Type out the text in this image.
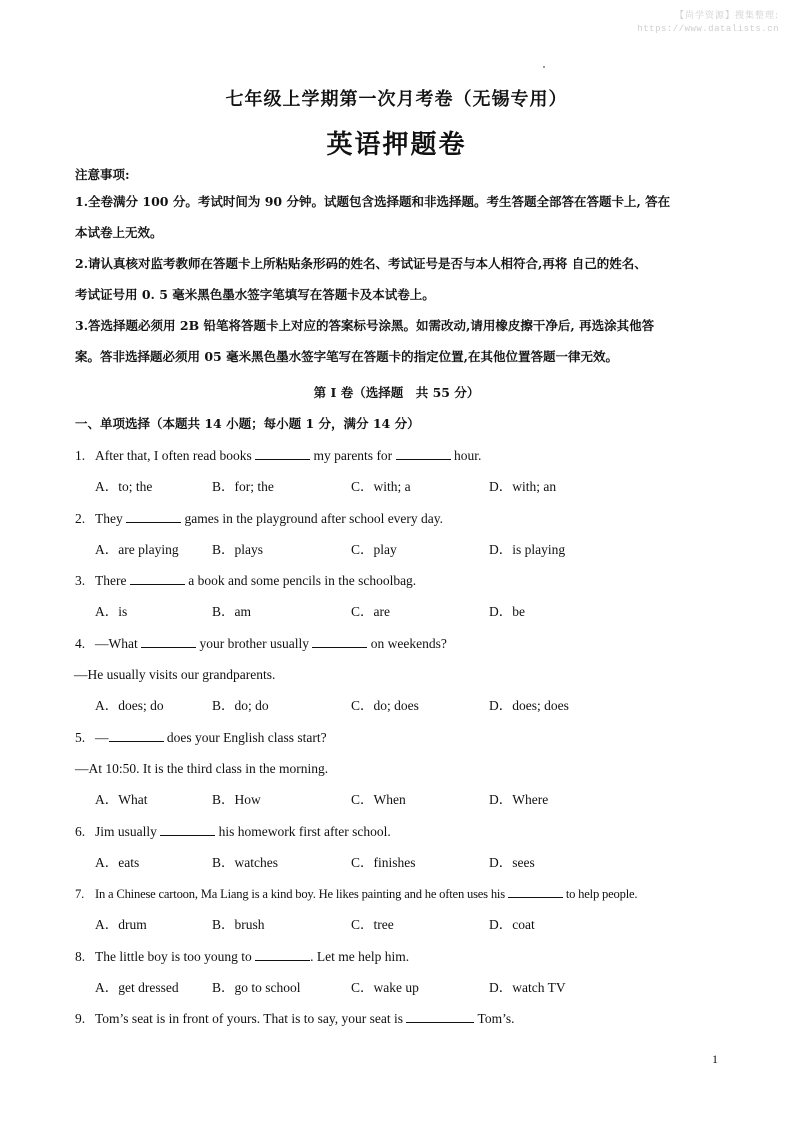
【尚学资源】搜集整理:
https://www.datalists.cn
七年级上学期第一次月考卷（无锡专用）
英语押题卷
注意事项:
1.全卷满分 100 分。考试时间为 90 分钟。试题包含选择题和非选择题。考生答题全部答在答题卡上, 答在
本试卷上无效。
2.请认真核对监考教师在答题卡上所粘贴条形码的姓名、考试证号是否与本人相符合,再将 自己的姓名、
考试证号用 0. 5 毫米黑色墨水签字笔填写在答题卡及本试卷上。
3.答选择题必须用 2B 铅笔将答题卡上对应的答案标号涂黑。如需改动,请用橡皮擦干净后, 再选涂其他答
案。答非选择题必须用 05 毫米黑色墨水签字笔写在答题卡的指定位置,在其他位置答题一律无效。
第 I 卷（选择题　共 55 分）
一、单项选择（本题共 14 小题；每小题 1 分，满分 14 分）
1. After that, I often read books	my parents for	hour.
A．to; the	B．for; the	C．with; a	D．with; an
2. They	games in the playground after school every day.
A．are playing B．plays	C．play	D．is playing
3. There	a book and some pencils in the schoolbag.
A．is	B．am	C．are	D．be
4. —What	your brother usually	on weekends?
—He usually visits our grandparents.
A．does; do	B．do; do	C．do; does	D．does; does
5. —	does your English class start?
—At 10:50. It is the third class in the morning.
A．What	B．How	C．When	D．Where
6. Jim usually	his homework first after school.
A．eats	B．watches	C．finishes	D．sees
7. In a Chinese cartoon, Ma Liang is a kind boy. He likes painting and he often uses his	to help people.
A．drum	B．brush	C．tree	D．coat
8. The little boy is too young to	. Let me help him.
A．get dressed B．go to school	C．wake up	D．watch TV
9. Tom’s seat is in front of yours. That is to say, your seat is	Tom’s.
1
